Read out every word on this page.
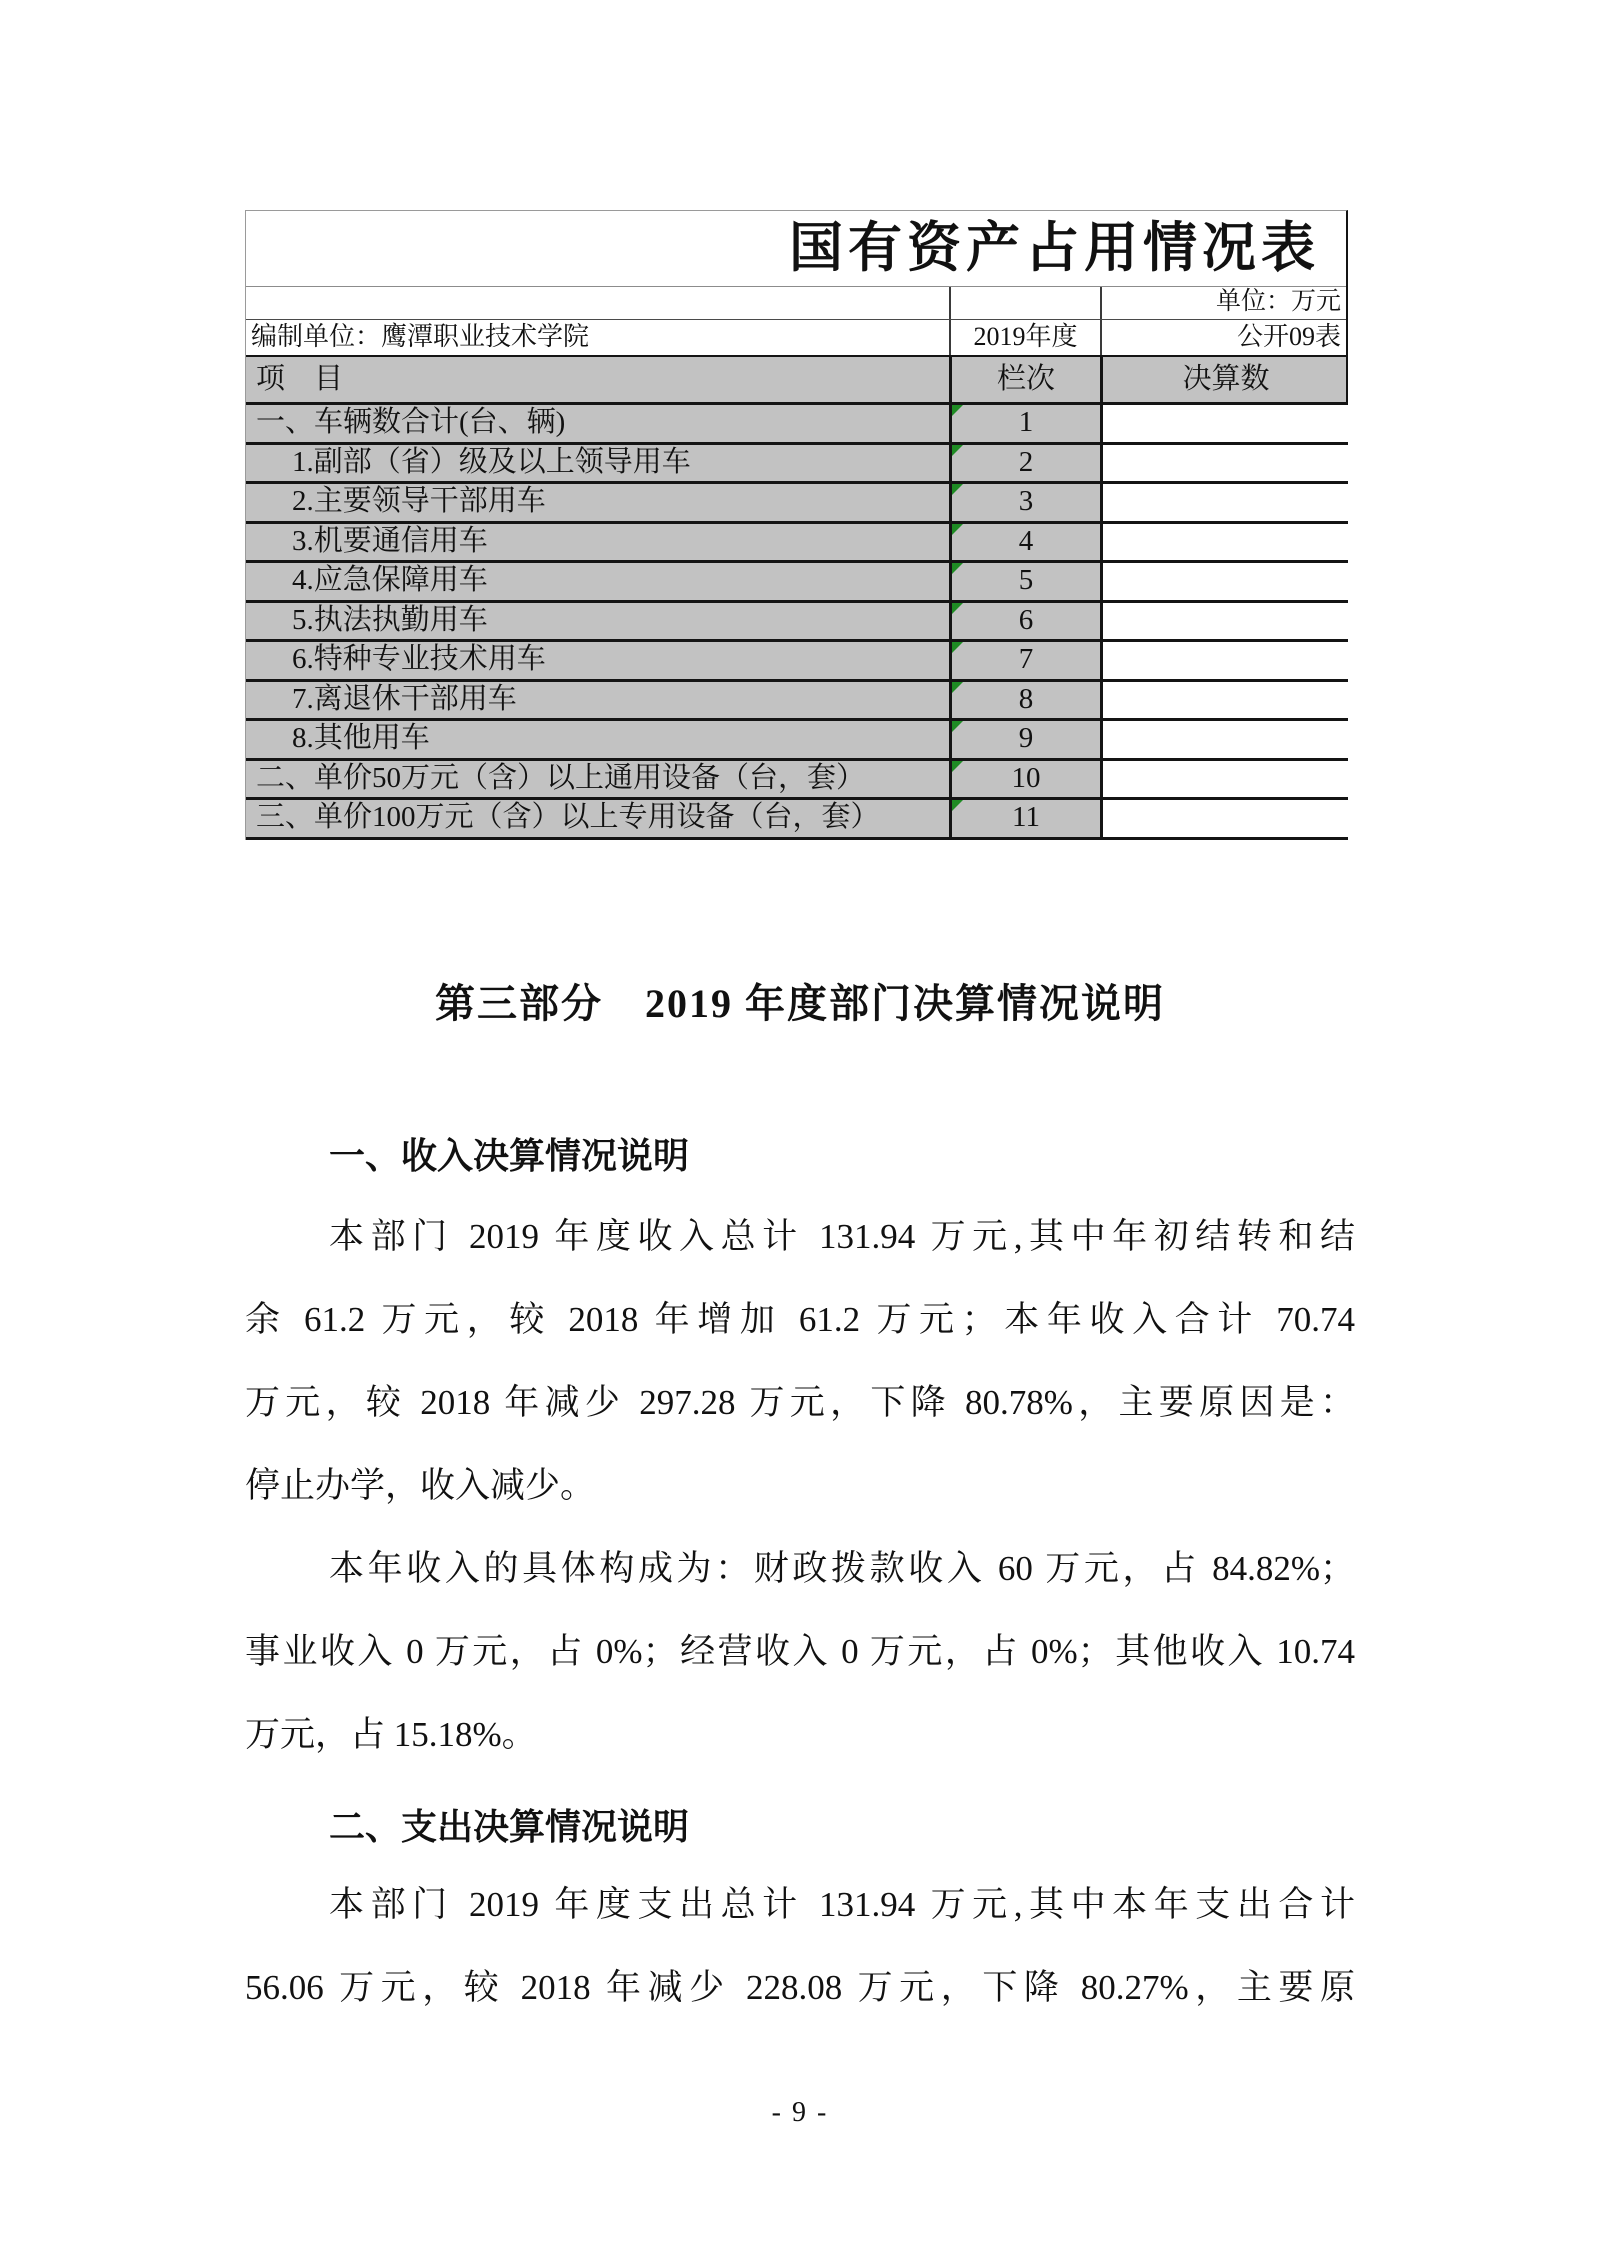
国有资产占用情况表
单位：万元
编制单位：鹰潭职业技术学院	2019年度	公开09表
项　目	栏次	决算数
一、车辆数合计(台、辆)	1
1.副部（省）级及以上领导用车	2
2.主要领导干部用车	3
3.机要通信用车	4
4.应急保障用车	5
5.执法执勤用车	6
6.特种专业技术用车	7
7.离退休干部用车	8
8.其他用车	9
二、单价50万元（含）以上通用设备（台，套）	10
三、单价100万元（含）以上专用设备（台，套）	11
第三部分　2019 年度部门决算情况说明
一、收入决算情况说明
本部门 2019 年度收入总计 131.94 万元,其中年初结转和结
余 61.2 万元，较 2018 年增加 61.2 万元；本年收入合计 70.74
万元，较 2018 年减少 297.28 万元，下降 80.78%，主要原因是：
停止办学，收入减少。
本年收入的具体构成为：财政拨款收入 60 万元，占 84.82%；
事业收入 0 万元，占 0%；经营收入 0 万元，占 0%；其他收入 10.74
万元，占 15.18%。
二、支出决算情况说明
本部门 2019 年度支出总计 131.94 万元,其中本年支出合计
56.06 万元，较 2018 年减少 228.08 万元，下降 80.27%，主要原
- 9 -
